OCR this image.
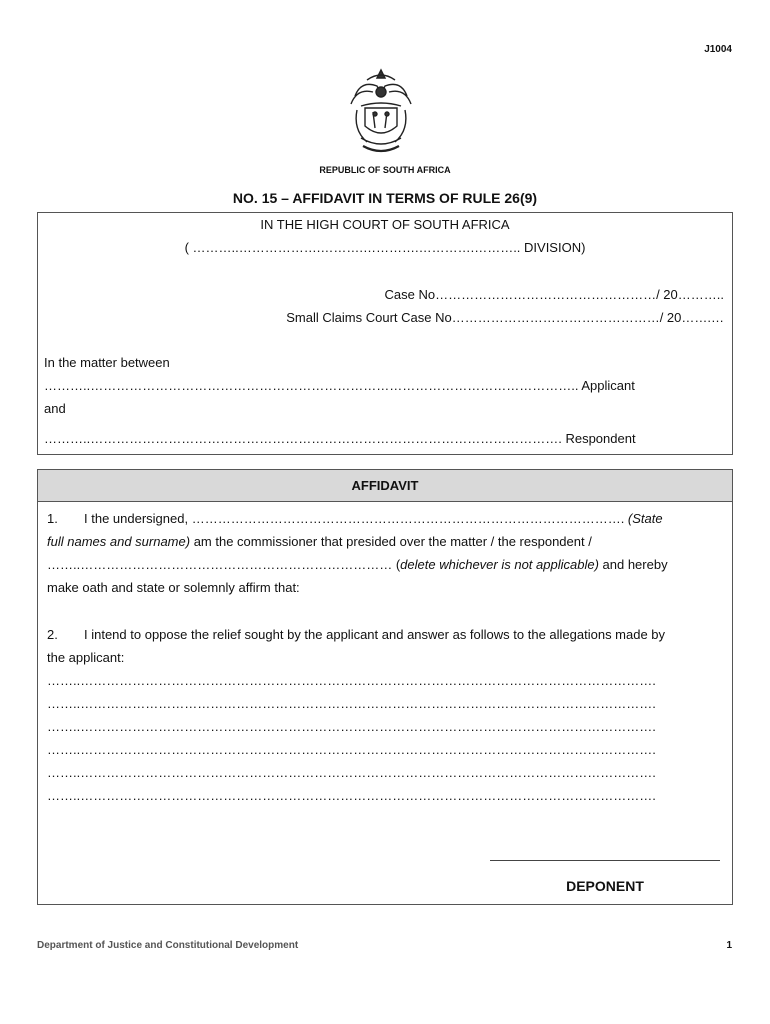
J1004
REPUBLIC OF SOUTH AFRICA
NO. 15 – AFFIDAVIT IN TERMS OF RULE 26(9)
IN THE HIGH COURT OF SOUTH AFRICA
( ………..……………….……….………….………….……….. DIVISION)
Case No……………………………………………/ 20………..
Small Claims Court Case No…………………………………………/ 20…….…
In the matter between
………..………………………………………………………………………………………………….. Applicant
and
………..………………………………………………………………………………………………. Respondent
AFFIDAVIT
1. I the undersigned, ………………………………………………………………………………………. (State
full names and surname) am the commissioner that presided over the matter / the respondent /
……..……………………………………………………………… (delete whichever is not applicable) and hereby
make oath and state or solemnly affirm that:
2. I intend to oppose the relief sought by the applicant and answer as follows to the allegations made by
the applicant:
……..…………………………………………………………………………………………………………………….
……..…………………………………………………………………………………………………………………….
……..…………………………………………………………………………………………………………………….
……..…………………………………………………………………………………………………………………….
……..…………………………………………………………………………………………………………………….
……..…………………………………………………………………………………………………………………….
DEPONENT
Department of Justice and Constitutional Development	1
